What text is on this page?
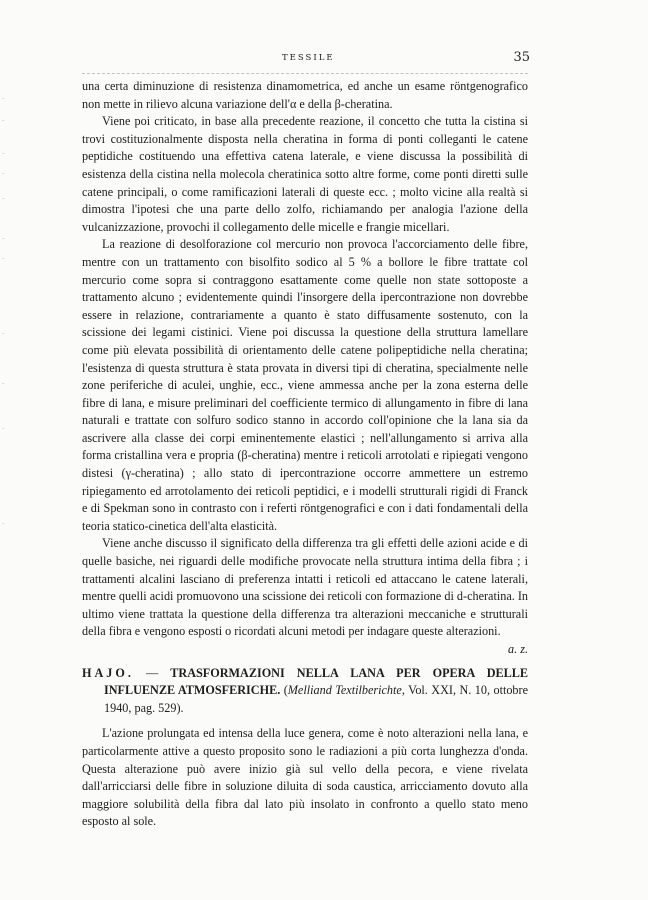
TESSILE	35
·
·
·
·
·
·
·
·
·
·
·

una certa diminuzione di resistenza dinamometrica, ed anche un esame röntgenografico non mette in rilievo alcuna variazione dell'α e della β-cheratina.

Viene poi criticato, in base alla precedente reazione, il concetto che tutta la cistina si trovi costituzionalmente disposta nella cheratina in forma di ponti colleganti le catene peptidiche costituendo una effettiva catena laterale, e viene discussa la possibilità di esistenza della cistina nella molecola cheratinica sotto altre forme, come ponti diretti sulle catene principali, o come ramificazioni laterali di queste ecc. ; molto vicine alla realtà si dimostra l'ipotesi che una parte dello zolfo, richiamando per analogia l'azione della vulcanizzazione, provochi il collegamento delle micelle e frangie micellari.

La reazione di desolforazione col mercurio non provoca l'accorciamento delle fibre, mentre con un trattamento con bisolfito sodico al 5 % a bollore le fibre trattate col mercurio come sopra si contraggono esattamente come quelle non state sottoposte a trattamento alcuno ; evidentemente quindi l'insorgere della ipercontrazione non dovrebbe essere in relazione, contrariamente a quanto è stato diffusamente sostenuto, con la scissione dei legami cistinici. Viene poi discussa la questione della struttura lamellare come più elevata possibilità di orientamento delle catene polipeptidiche nella cheratina; l'esistenza di questa struttura è stata provata in diversi tipi di cheratina, specialmente nelle zone periferiche di aculei, unghie, ecc., viene ammessa anche per la zona esterna delle fibre di lana, e misure preliminari del coefficiente termico di allungamento in fibre di lana naturali e trattate con solfuro sodico stanno in accordo coll'opinione che la lana sia da ascrivere alla classe dei corpi eminentemente elastici ; nell'allungamento si arriva alla forma cristallina vera e propria (β-cheratina) mentre i reticoli arrotolati e ripiegati vengono distesi (γ-cheratina) ; allo stato di ipercontrazione occorre ammettere un estremo ripiegamento ed arrotolamento dei reticoli peptidici, e i modelli strutturali rigidi di Franck e di Spekman sono in contrasto con i referti röntgenografici e con i dati fondamentali della teoria statico-cinetica dell'alta elasticità.

Viene anche discusso il significato della differenza tra gli effetti delle azioni acide e di quelle basiche, nei riguardi delle modifiche provocate nella struttura intima della fibra ; i trattamenti alcalini lasciano di preferenza intatti i reticoli ed attaccano le catene laterali, mentre quelli acidi promuovono una scissione dei reticoli con formazione di d-cheratina. In ultimo viene trattata la questione della differenza tra alterazioni meccaniche e strutturali della fibra e vengono esposti o ricordati alcuni metodi per indagare queste alterazioni.

a. z.

HAJO. — TRASFORMAZIONI NELLA LANA PER OPERA DELLE INFLUENZE ATMOSFERICHE. (Melliand Textilberichte, Vol. XXI, N. 10, ottobre 1940, pag. 529).

L'azione prolungata ed intensa della luce genera, come è noto alterazioni nella lana, e particolarmente attive a questo proposito sono le radiazioni a più corta lunghezza d'onda. Questa alterazione può avere inizio già sul vello della pecora, e viene rivelata dall'arricciarsi delle fibre in soluzione diluita di soda caustica, arricciamento dovuto alla maggiore solubilità della fibra dal lato più insolato in confronto a quello stato meno esposto al sole.
